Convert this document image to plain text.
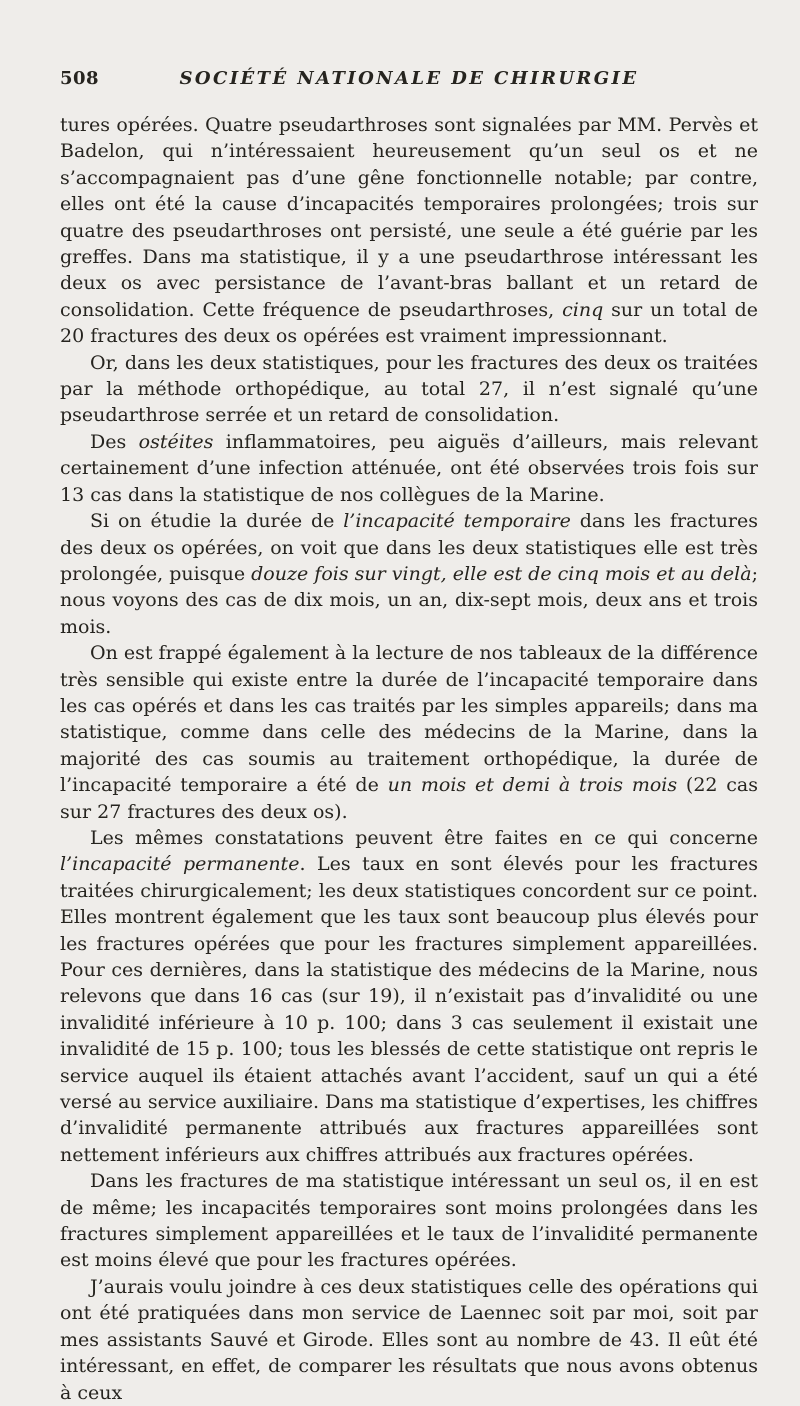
508	SOCIÉTÉ NATIONALE DE CHIRURGIE

tures opérées. Quatre pseudarthroses sont signalées par MM. Pervès et Badelon, qui n’intéressaient heureusement qu’un seul os et ne s’accompagnaient pas d’une gêne fonctionnelle notable; par contre, elles ont été la cause d’incapacités temporaires prolongées; trois sur quatre des pseudarthroses ont persisté, une seule a été guérie par les greffes. Dans ma statistique, il y a une pseudarthrose intéressant les deux os avec persistance de l’avant-bras ballant et un retard de consolidation. Cette fréquence de pseudarthroses, cinq sur un total de 20 fractures des deux os opérées est vraiment impressionnant.

Or, dans les deux statistiques, pour les fractures des deux os traitées par la méthode orthopédique, au total 27, il n’est signalé qu’une pseudarthrose serrée et un retard de consolidation.

Des ostéites inflammatoires, peu aiguës d’ailleurs, mais relevant certainement d’une infection atténuée, ont été observées trois fois sur 13 cas dans la statistique de nos collègues de la Marine.

Si on étudie la durée de l’incapacité temporaire dans les fractures des deux os opérées, on voit que dans les deux statistiques elle est très prolongée, puisque douze fois sur vingt, elle est de cinq mois et au delà; nous voyons des cas de dix mois, un an, dix-sept mois, deux ans et trois mois.

On est frappé également à la lecture de nos tableaux de la différence très sensible qui existe entre la durée de l’incapacité temporaire dans les cas opérés et dans les cas traités par les simples appareils; dans ma statistique, comme dans celle des médecins de la Marine, dans la majorité des cas soumis au traitement orthopédique, la durée de l’incapacité temporaire a été de un mois et demi à trois mois (22 cas sur 27 fractures des deux os).

Les mêmes constatations peuvent être faites en ce qui concerne l’incapacité permanente. Les taux en sont élevés pour les fractures traitées chirurgicalement; les deux statistiques concordent sur ce point. Elles montrent également que les taux sont beaucoup plus élevés pour les fractures opérées que pour les fractures simplement appareillées. Pour ces dernières, dans la statistique des médecins de la Marine, nous relevons que dans 16 cas (sur 19), il n’existait pas d’invalidité ou une invalidité inférieure à 10 p. 100; dans 3 cas seulement il existait une invalidité de 15 p. 100; tous les blessés de cette statistique ont repris le service auquel ils étaient attachés avant l’accident, sauf un qui a été versé au service auxiliaire. Dans ma statistique d’expertises, les chiffres d’invalidité permanente attribués aux fractures appareillées sont nettement inférieurs aux chiffres attribués aux fractures opérées.

Dans les fractures de ma statistique intéressant un seul os, il en est de même; les incapacités temporaires sont moins prolongées dans les fractures simplement appareillées et le taux de l’invalidité permanente est moins élevé que pour les fractures opérées.

J’aurais voulu joindre à ces deux statistiques celle des opérations qui ont été pratiquées dans mon service de Laennec soit par moi, soit par mes assistants Sauvé et Girode. Elles sont au nombre de 43. Il eût été intéressant, en effet, de comparer les résultats que nous avons obtenus à ceux
